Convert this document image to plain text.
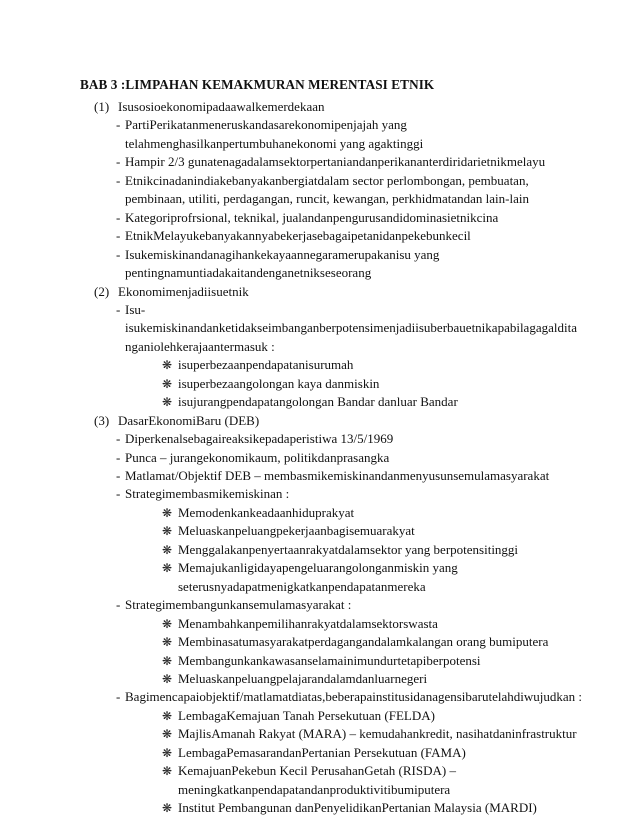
BAB 3 :LIMPAHAN KEMAKMURAN MERENTASI ETNIK
(1) Isusosioekonomipadaawalkemerdekaan
- PartiPerikatanmeneruskandasarekonomipenjajah yang
telahmenghasilkanpertumbuhanekonomi yang agaktinggi
- Hampir 2/3 gunatenagadalamsektorpertaniandanperikananterdiridarietnikmelayu
- Etnikcinadanindiakebanyakanbergiatdalam sector perlombongan, pembuatan,
pembinaan, utiliti, perdagangan, runcit, kewangan, perkhidmatandan lain-lain
- Kategoriprofrsional, teknikal, jualandanpengurusandidominasietnikcina
- EtnikMelayukebanyakannyabekerjasebagaipetanidanpekebunkecil
- Isukemiskinandanagihankekayaannegaramerupakanisu yang
pentingnamuntiadakaitandenganetnikseseorang
(2) Ekonomimenjadiisuetnik
- Isu-
isukemiskinandanketidakseimbanganberpotensimenjadiisuberbauetnikapabilagagaldita
nganiolehkerajaantermasuk :
❋ isuperbezaanpendapatanisurumah
❋ isuperbezaangolongan kaya danmiskin
❋ isujurangpendapatangolongan Bandar danluar Bandar
(3) DasarEkonomiBaru (DEB)
- Diperkenalsebagaireaksikepadaperistiwa 13/5/1969
- Punca – jurangekonomikaum, politikdanprasangka
- Matlamat/Objektif DEB – membasmikemiskinandanmenyusunsemulamasyarakat
- Strategimembasmikemiskinan :
❋ Memodenkankeadaanhiduprakyat
❋ Meluaskanpeluangpekerjaanbagisemuarakyat
❋ Menggalakanpenyertaanrakyatdalamsektor yang berpotensitinggi
❋ Memajukanligidayapengeluarangolonganmiskin yang
seterusnyadapatmenigkatkanpendapatanmereka
- Strategimembangunkansemulamasyarakat :
❋ Menambahkanpemilihanrakyatdalamsektorswasta
❋ Membinasatumasyarakatperdagangandalamkalangan orang bumiputera
❋ Membangunkankawasanselamainimundurtetapiberpotensi
❋ Meluaskanpeluangpelajarandalamdanluarnegeri
- Bagimencapaiobjektif/matlamatdiatas,beberapainstitusidanagensibarutelahdiwujudkan :
❋ LembagaKemajuan Tanah Persekutuan (FELDA)
❋ MajlisAmanah Rakyat (MARA) – kemudahankredit, nasihatdaninfrastruktur
❋ LembagaPemasarandanPertanian Persekutuan (FAMA)
❋ KemajuanPekebun Kecil PerusahanGetah (RISDA) –
meningkatkanpendapatandanproduktivitibumiputera
❋ Institut Pembangunan danPenyelidikanPertanian Malaysia (MARDI)
